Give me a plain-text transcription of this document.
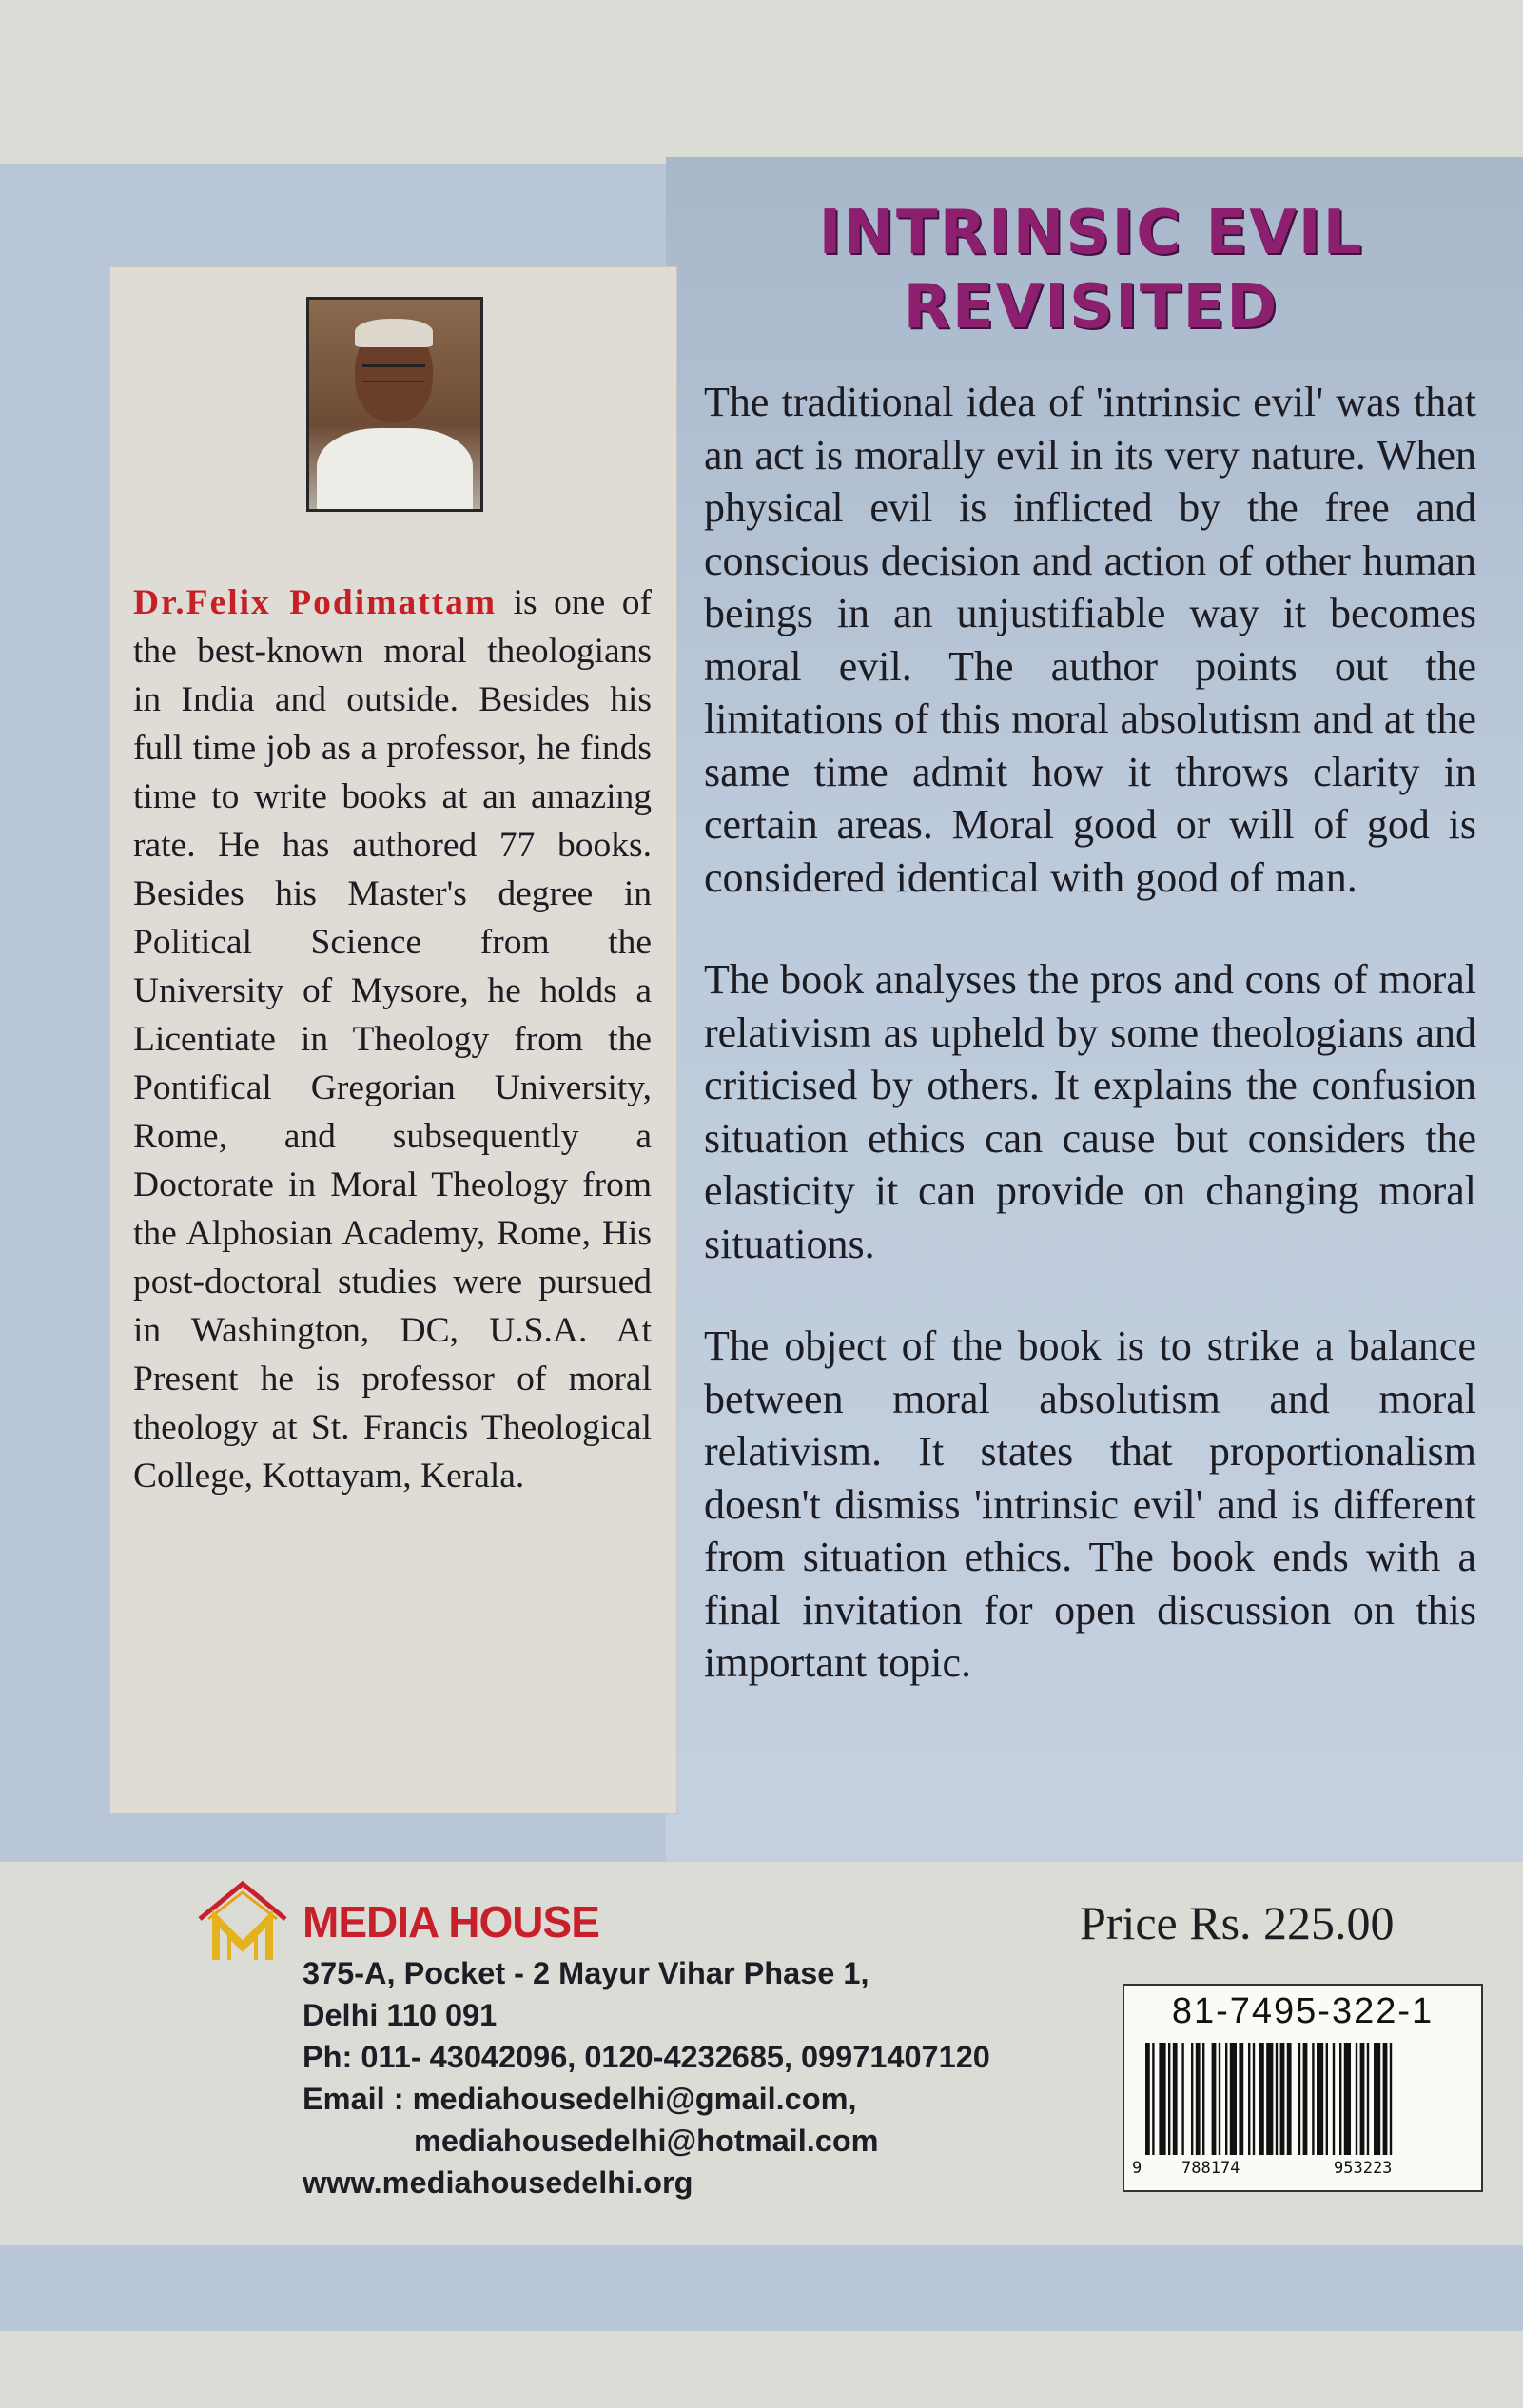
Dr.Felix Podimattam is one of the best-known moral theologians in India and outside. Besides his full time job as a professor, he finds time to write books at an amazing rate. He has authored 77 books. Besides his Master's degree in Political Science from the University of Mysore, he holds a Licentiate in Theology from the Pontifical Gregorian University, Rome, and subsequently a Doctorate in Moral Theology from the Alphosian Academy, Rome, His post-doctoral studies were pursued in Washington, DC, U.S.A. At Present he is professor of moral theology at St. Francis Theological College, Kottayam, Kerala.
INTRINSIC EVIL
REVISITED

The traditional idea of 'intrinsic evil' was that an act is morally evil in its very nature. When physical evil is inflicted by the free and conscious decision and action of other human beings in an unjustifiable way it becomes moral evil. The author points out the limitations of this moral absolutism and at the same time admit how it throws clarity in certain areas. Moral good or will of god is considered identical with good of man.

The book analyses the pros and cons of moral relativism as upheld by some theologians and criticised by others. It explains the confusion situation ethics can cause but considers the elasticity it can provide on changing moral situations.

The object of the book is to strike a balance between moral absolutism and moral relativism. It states that proportionalism doesn't dismiss 'intrinsic evil' and is different from situation ethics. The book ends with a final invitation for open discussion on this important topic.

MEDIA HOUSE
375-A, Pocket - 2 Mayur Vihar Phase 1,
Delhi 110 091
Ph: 011- 43042096, 0120-4232685, 09971407120
Email : mediahousedelhi@gmail.com,
mediahousedelhi@hotmail.com
www.mediahousedelhi.org
Price Rs. 225.00
81-7495-322-1
9 788174	953223
